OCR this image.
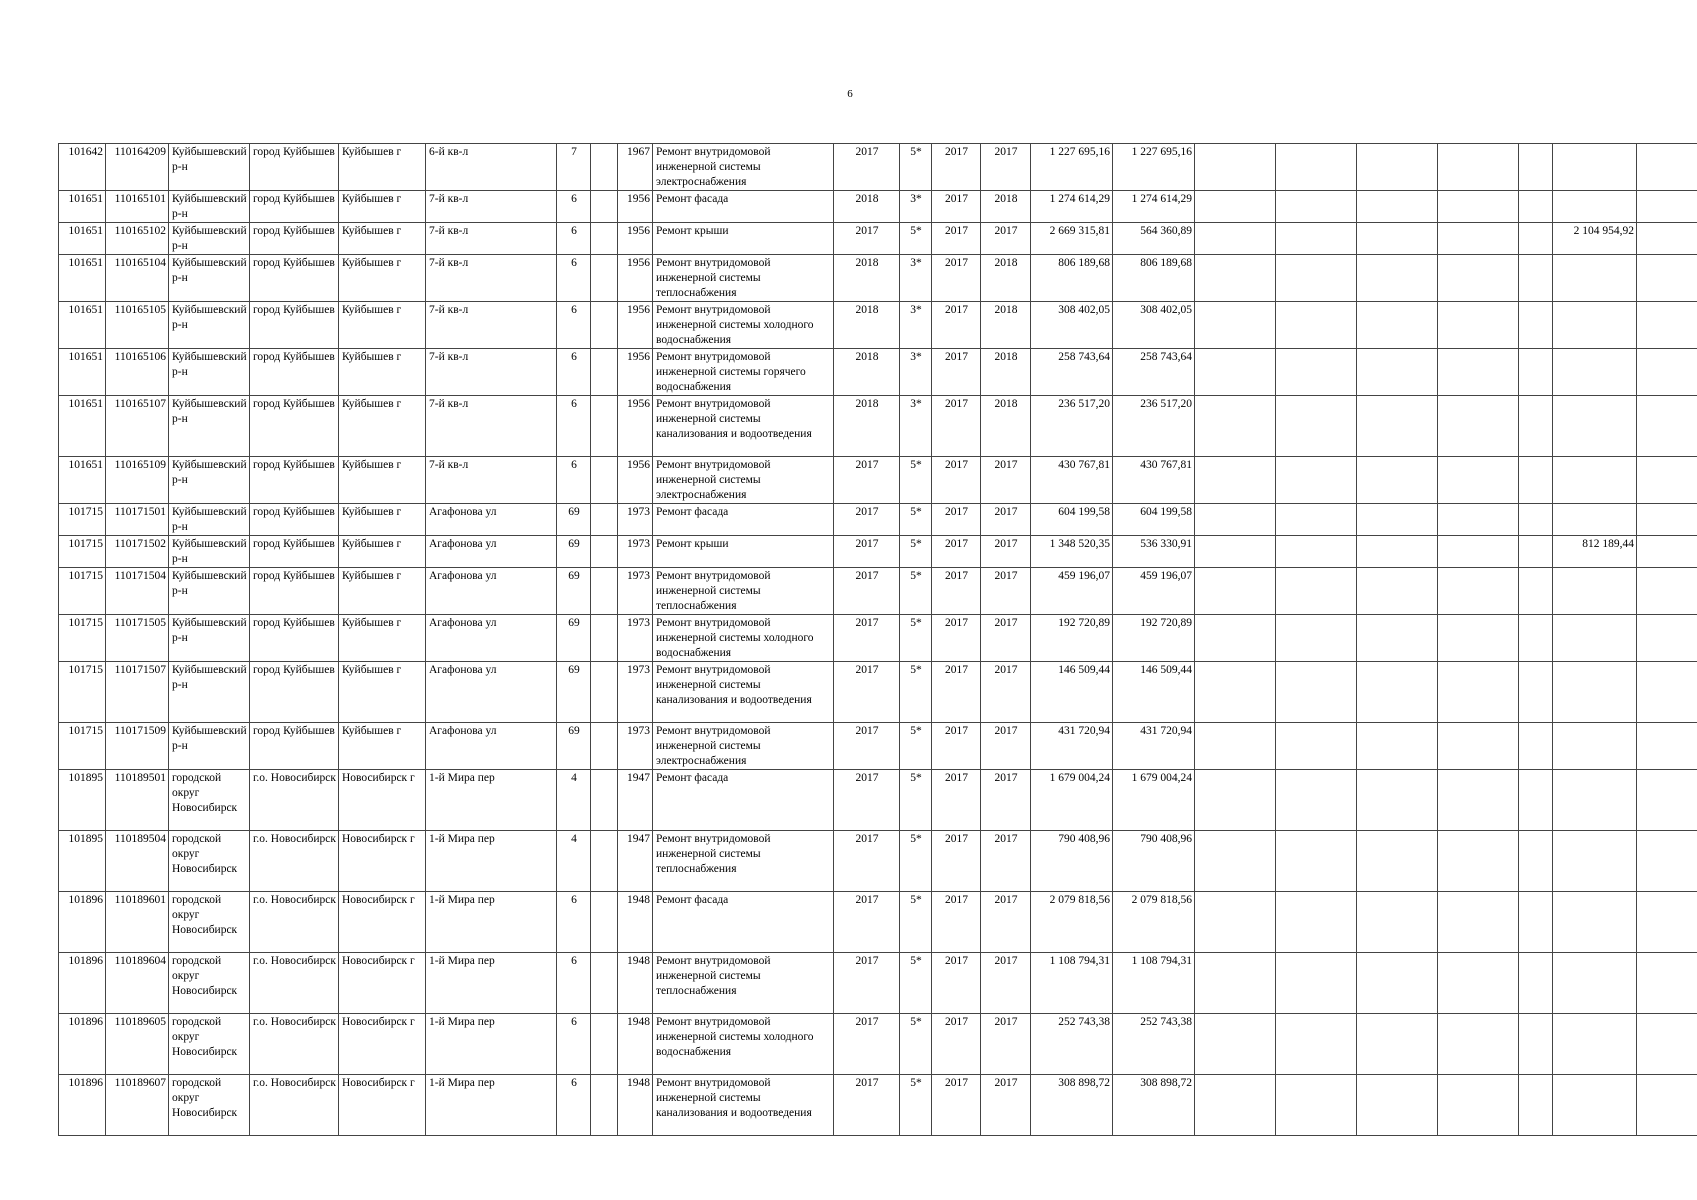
6
101642	110164209	Куйбышевский р-н	город Куйбышев	Куйбышев г	6-й кв-л	7		1967	Ремонт внутридомовой инженерной системы электроснабжения	2017	5*	2017	2017	1 227 695,16	1 227 695,16							
101651	110165101	Куйбышевский р-н	город Куйбышев	Куйбышев г	7-й кв-л	6		1956	Ремонт фасада	2018	3*	2017	2018	1 274 614,29	1 274 614,29							
101651	110165102	Куйбышевский р-н	город Куйбышев	Куйбышев г	7-й кв-л	6		1956	Ремонт крыши	2017	5*	2017	2017	2 669 315,81	564 360,89						2 104 954,92	
101651	110165104	Куйбышевский р-н	город Куйбышев	Куйбышев г	7-й кв-л	6		1956	Ремонт внутридомовой инженерной системы теплоснабжения	2018	3*	2017	2018	806 189,68	806 189,68							
101651	110165105	Куйбышевский р-н	город Куйбышев	Куйбышев г	7-й кв-л	6		1956	Ремонт внутридомовой инженерной системы холодного водоснабжения	2018	3*	2017	2018	308 402,05	308 402,05							
101651	110165106	Куйбышевский р-н	город Куйбышев	Куйбышев г	7-й кв-л	6		1956	Ремонт внутридомовой инженерной системы горячего водоснабжения	2018	3*	2017	2018	258 743,64	258 743,64							
101651	110165107	Куйбышевский р-н	город Куйбышев	Куйбышев г	7-й кв-л	6		1956	Ремонт внутридомовой инженерной системы канализования и водоотведения	2018	3*	2017	2018	236 517,20	236 517,20							
101651	110165109	Куйбышевский р-н	город Куйбышев	Куйбышев г	7-й кв-л	6		1956	Ремонт внутридомовой инженерной системы электроснабжения	2017	5*	2017	2017	430 767,81	430 767,81							
101715	110171501	Куйбышевский р-н	город Куйбышев	Куйбышев г	Агафонова ул	69		1973	Ремонт фасада	2017	5*	2017	2017	604 199,58	604 199,58							
101715	110171502	Куйбышевский р-н	город Куйбышев	Куйбышев г	Агафонова ул	69		1973	Ремонт крыши	2017	5*	2017	2017	1 348 520,35	536 330,91						812 189,44	
101715	110171504	Куйбышевский р-н	город Куйбышев	Куйбышев г	Агафонова ул	69		1973	Ремонт внутридомовой инженерной системы теплоснабжения	2017	5*	2017	2017	459 196,07	459 196,07							
101715	110171505	Куйбышевский р-н	город Куйбышев	Куйбышев г	Агафонова ул	69		1973	Ремонт внутридомовой инженерной системы холодного водоснабжения	2017	5*	2017	2017	192 720,89	192 720,89							
101715	110171507	Куйбышевский р-н	город Куйбышев	Куйбышев г	Агафонова ул	69		1973	Ремонт внутридомовой инженерной системы канализования и водоотведения	2017	5*	2017	2017	146 509,44	146 509,44							
101715	110171509	Куйбышевский р-н	город Куйбышев	Куйбышев г	Агафонова ул	69		1973	Ремонт внутридомовой инженерной системы электроснабжения	2017	5*	2017	2017	431 720,94	431 720,94							
101895	110189501	городской округ Новосибирск	г.о. Новосибирск	Новосибирск г	1-й Мира пер	4		1947	Ремонт фасада	2017	5*	2017	2017	1 679 004,24	1 679 004,24							
101895	110189504	городской округ Новосибирск	г.о. Новосибирск	Новосибирск г	1-й Мира пер	4		1947	Ремонт внутридомовой инженерной системы теплоснабжения	2017	5*	2017	2017	790 408,96	790 408,96							
101896	110189601	городской округ Новосибирск	г.о. Новосибирск	Новосибирск г	1-й Мира пер	6		1948	Ремонт фасада	2017	5*	2017	2017	2 079 818,56	2 079 818,56							
101896	110189604	городской округ Новосибирск	г.о. Новосибирск	Новосибирск г	1-й Мира пер	6		1948	Ремонт внутридомовой инженерной системы теплоснабжения	2017	5*	2017	2017	1 108 794,31	1 108 794,31							
101896	110189605	городской округ Новосибирск	г.о. Новосибирск	Новосибирск г	1-й Мира пер	6		1948	Ремонт внутридомовой инженерной системы холодного водоснабжения	2017	5*	2017	2017	252 743,38	252 743,38							
101896	110189607	городской округ Новосибирск	г.о. Новосибирск	Новосибирск г	1-й Мира пер	6		1948	Ремонт внутридомовой инженерной системы канализования и водоотведения	2017	5*	2017	2017	308 898,72	308 898,72							
